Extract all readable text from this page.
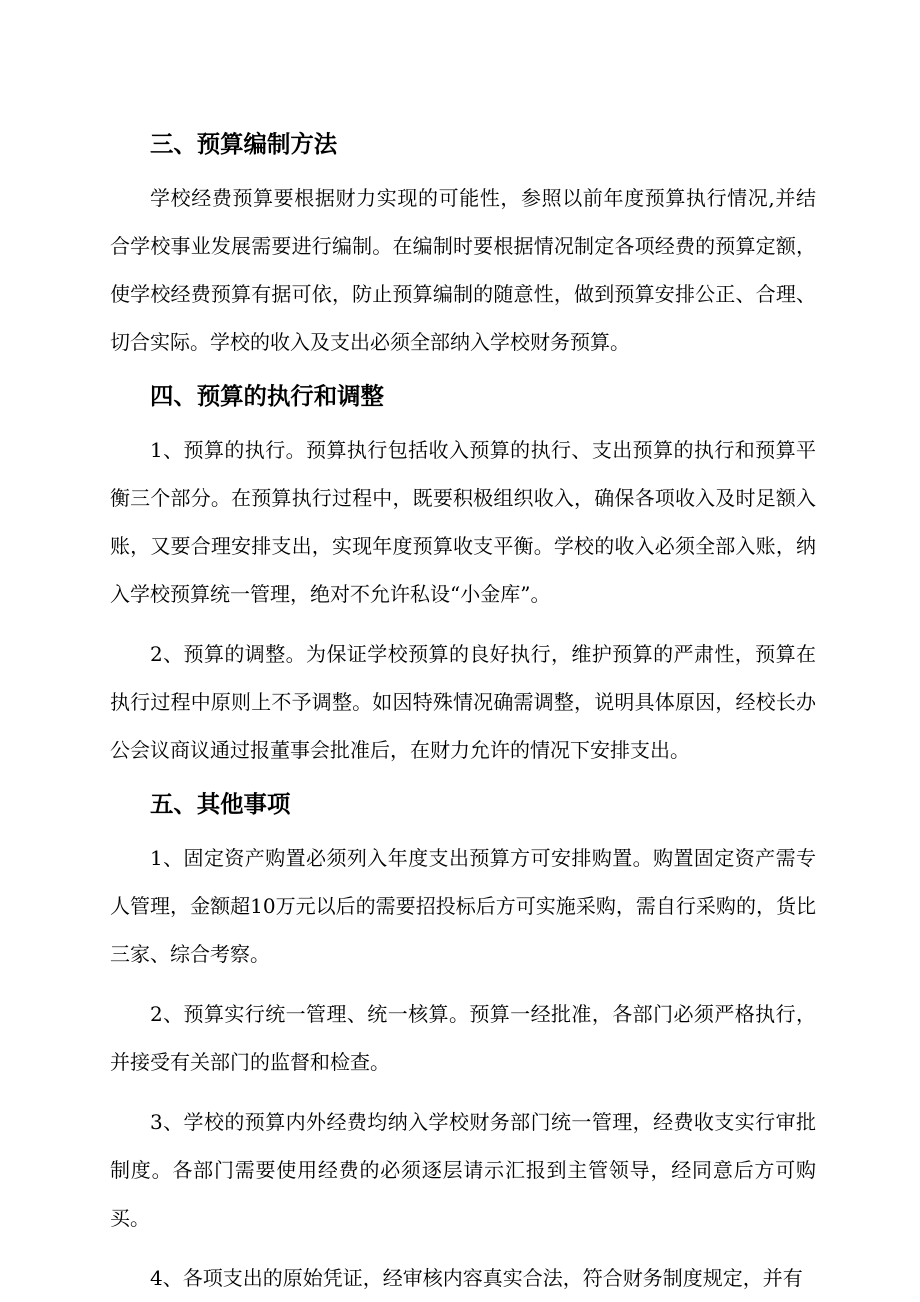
三、预算编制方法

学校经费预算要根据财力实现的可能性，参照以前年度预算执行情况,并结合学校事业发展需要进行编制。在编制时要根据情况制定各项经费的预算定额，使学校经费预算有据可依，防止预算编制的随意性，做到预算安排公正、合理、切合实际。学校的收入及支出必须全部纳入学校财务预算。

四、预算的执行和调整

1、预算的执行。预算执行包括收入预算的执行、支出预算的执行和预算平衡三个部分。在预算执行过程中，既要积极组织收入，确保各项收入及时足额入账，又要合理安排支出，实现年度预算收支平衡。学校的收入必须全部入账，纳入学校预算统一管理，绝对不允许私设“小金库”。

2、预算的调整。为保证学校预算的良好执行，维护预算的严肃性，预算在执行过程中原则上不予调整。如因特殊情况确需调整，说明具体原因，经校长办公会议商议通过报董事会批准后，在财力允许的情况下安排支出。

五、其他事项

1、固定资产购置必须列入年度支出预算方可安排购置。购置固定资产需专人管理，金额超10万元以后的需要招投标后方可实施采购，需自行采购的，货比三家、综合考察。

2、预算实行统一管理、统一核算。预算一经批准，各部门必须严格执行，并接受有关部门的监督和检查。

3、学校的预算内外经费均纳入学校财务部门统一管理，经费收支实行审批制度。各部门需要使用经费的必须逐层请示汇报到主管领导，经同意后方可购买。

4、各项支出的原始凭证，经审核内容真实合法，符合财务制度规定，并有
